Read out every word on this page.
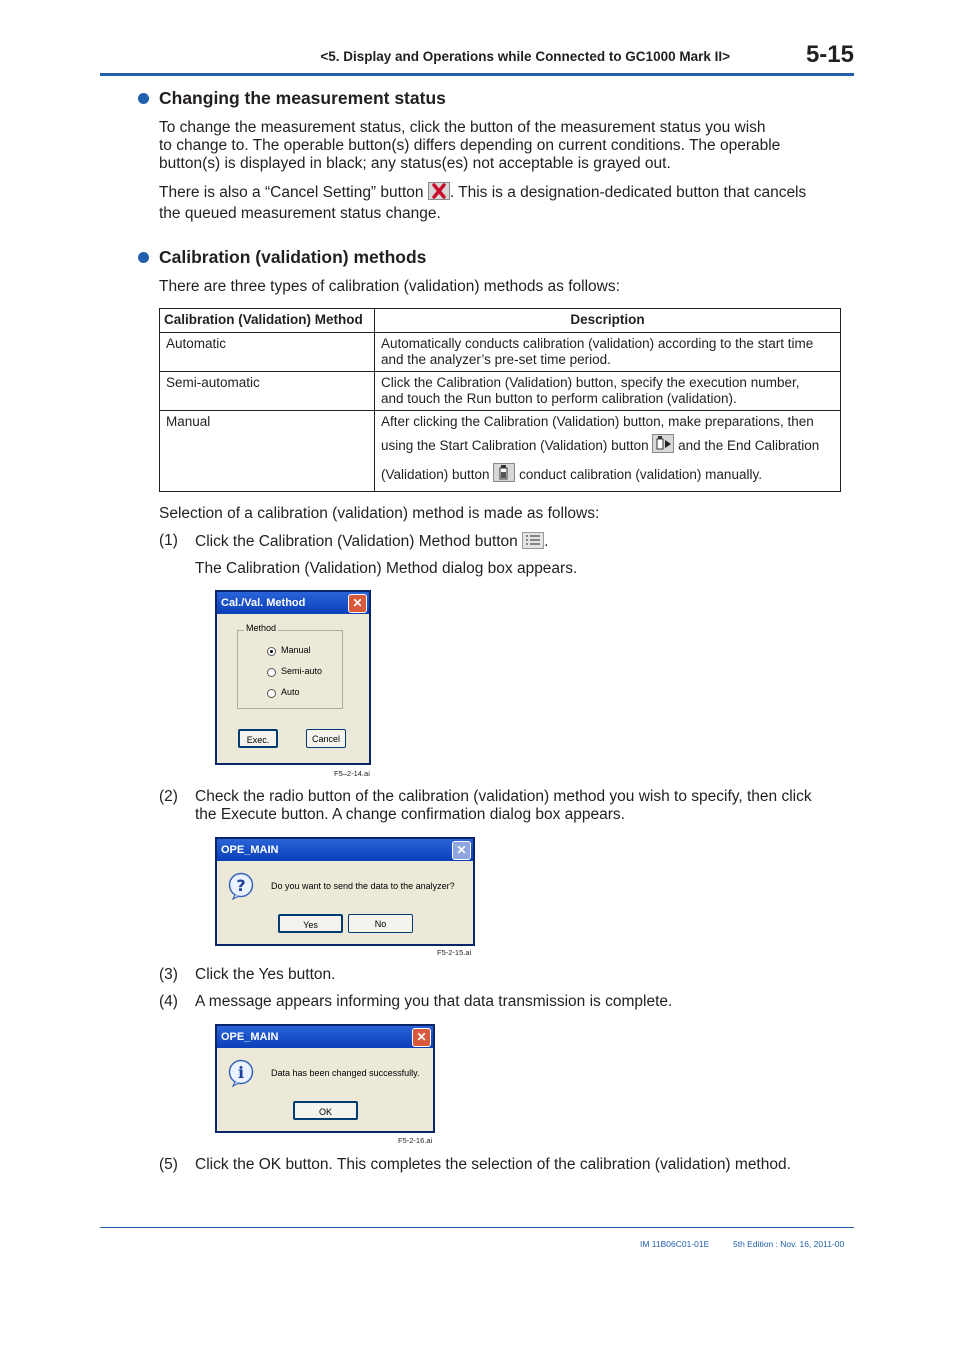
<5. Display and Operations while Connected to GC1000 Mark II>	5-15
Changing the measurement status
To change the measurement status, click the button of the measurement status you wish
to change to. The operable button(s) differs depending on current conditions. The operable
button(s) is displayed in black; any status(es) not acceptable is grayed out.
There is also a “Cancel Setting” button . This is a designation-dedicated button that cancels
the queued measurement status change.
Calibration (validation) methods
There are three types of calibration (validation) methods as follows:
Calibration (Validation) Method	Description
Automatic	Automatically conducts calibration (validation) according to the start time
and the analyzer’s pre-set time period.

Semi-automatic	Click the Calibration (Validation) button, specify the execution number,
and touch the Run button to perform calibration (validation).

Manual	After clicking the Calibration (Validation) button, make preparations, then
using the Start Calibration (Validation) button  and the End Calibration
(Validation) button  conduct calibration (validation) manually.
Selection of a calibration (validation) method is made as follows:
(1) Click the Calibration (Validation) Method button .
The Calibration (Validation) Method dialog box appears.
Cal./Val. Method	✕
Method
Manual
Semi-auto
Auto
Exec.	Cancel
F5–2-14.ai
(2) Check the radio button of the calibration (validation) method you wish to specify, then click
the Execute button. A change confirmation dialog box appears.
OPE_MAIN	✕
?	Do you want to send the data to the analyzer?
Yes	No
F5-2-15.ai
(3) Click the Yes button.
(4) A message appears informing you that data transmission is complete.
OPE_MAIN	✕
i	Data has been changed successfully.
OK
F5-2-16.ai
(5) Click the OK button. This completes the selection of the calibration (validation) method.
IM 11B06C01-01E	5th Edition : Nov. 16, 2011-00
